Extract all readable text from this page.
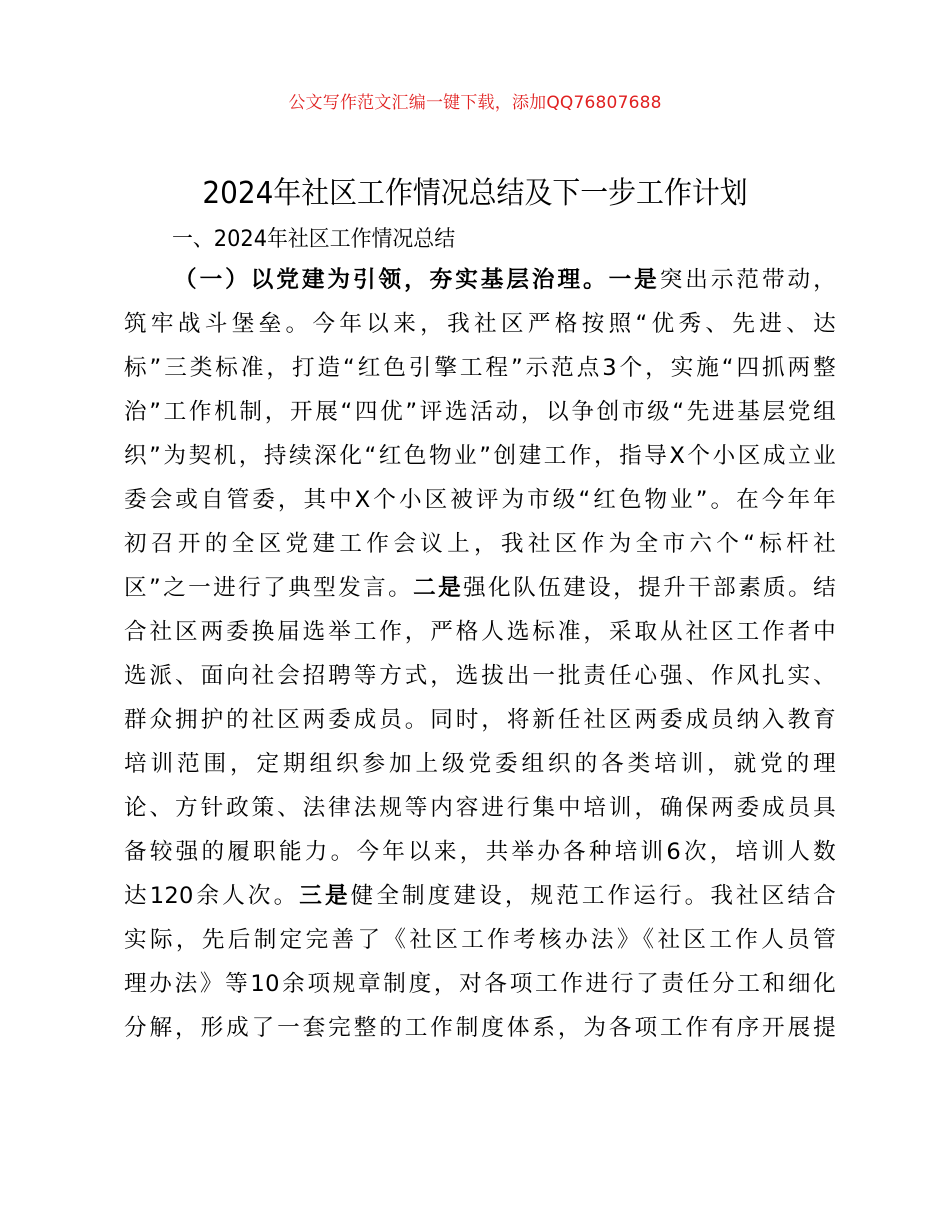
公文写作范文汇编一键下载，添加QQ76807688
2024年社区工作情况总结及下一步工作计划
一、2024年社区工作情况总结
（一）以党建为引领，夯实基层治理。一是突出示范带动，
筑牢战斗堡垒。今年以来，我社区严格按照“优秀、先进、达
标”三类标准，打造“红色引擎工程”示范点3个，实施“四抓两整
治”工作机制，开展“四优”评选活动，以争创市级“先进基层党组
织”为契机，持续深化“红色物业”创建工作，指导X个小区成立业
委会或自管委，其中X个小区被评为市级“红色物业”。在今年年
初召开的全区党建工作会议上，我社区作为全市六个“标杆社
区”之一进行了典型发言。二是强化队伍建设，提升干部素质。结
合社区两委换届选举工作，严格人选标准，采取从社区工作者中
选派、面向社会招聘等方式，选拔出一批责任心强、作风扎实、
群众拥护的社区两委成员。同时，将新任社区两委成员纳入教育
培训范围，定期组织参加上级党委组织的各类培训，就党的理
论、方针政策、法律法规等内容进行集中培训，确保两委成员具
备较强的履职能力。今年以来，共举办各种培训6次，培训人数
达120余人次。三是健全制度建设，规范工作运行。我社区结合
实际，先后制定完善了《社区工作考核办法》《社区工作人员管
理办法》等10余项规章制度，对各项工作进行了责任分工和细化
分解，形成了一套完整的工作制度体系，为各项工作有序开展提
